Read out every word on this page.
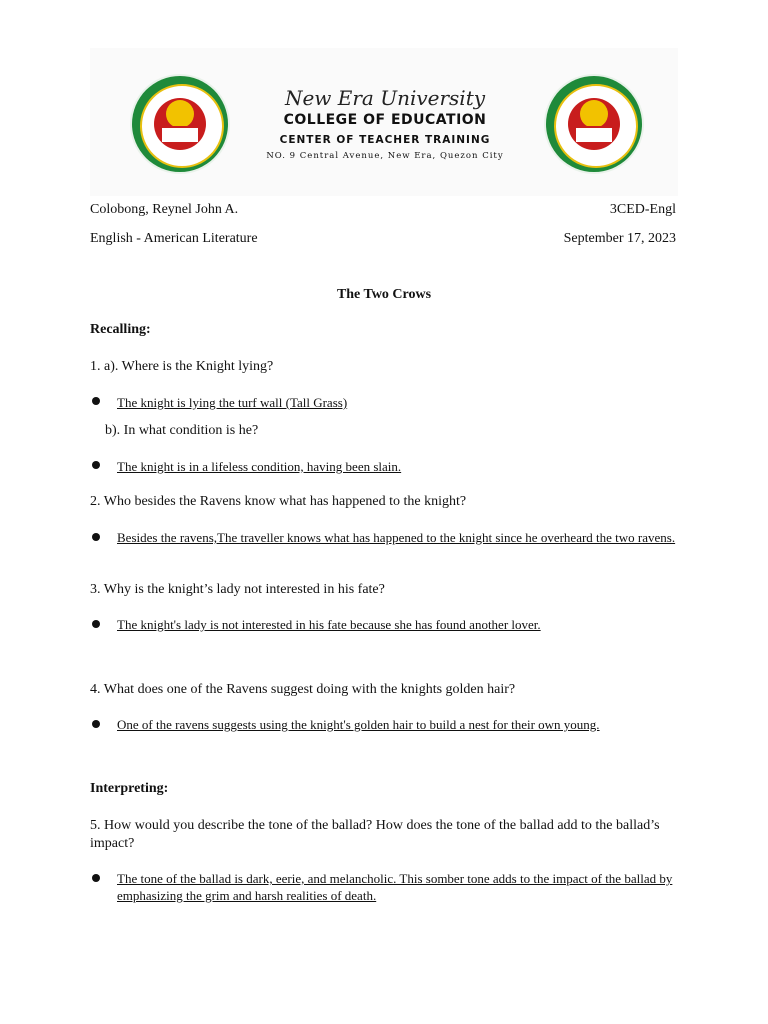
New Era University
COLLEGE OF EDUCATION
CENTER OF TEACHER TRAINING
NO. 9 Central Avenue, New Era, Quezon City
Colobong, Reynel John A.	3CED-Engl
English - American Literature	September 17, 2023
The Two Crows
Recalling:
1. a). Where is the Knight lying?
The knight is lying the turf wall (Tall Grass)
b). In what condition is he?
The knight is in a lifeless condition, having been slain.
2. Who besides the Ravens know what has happened to the knight?
Besides the ravens,The traveller knows what has happened to the knight since he overheard the two ravens.
3. Why is the knight’s lady not interested in his fate?
The knight's lady is not interested in his fate because she has found another lover.
4. What does one of the Ravens suggest doing with the knights golden hair?
One of the ravens suggests using the knight's golden hair to build a nest for their own young.
Interpreting:
5. How would you describe the tone of the ballad? How does the tone of the ballad add to the ballad’s impact?
The tone of the ballad is dark, eerie, and melancholic. This somber tone adds to the impact of the ballad by emphasizing the grim and harsh realities of death.
